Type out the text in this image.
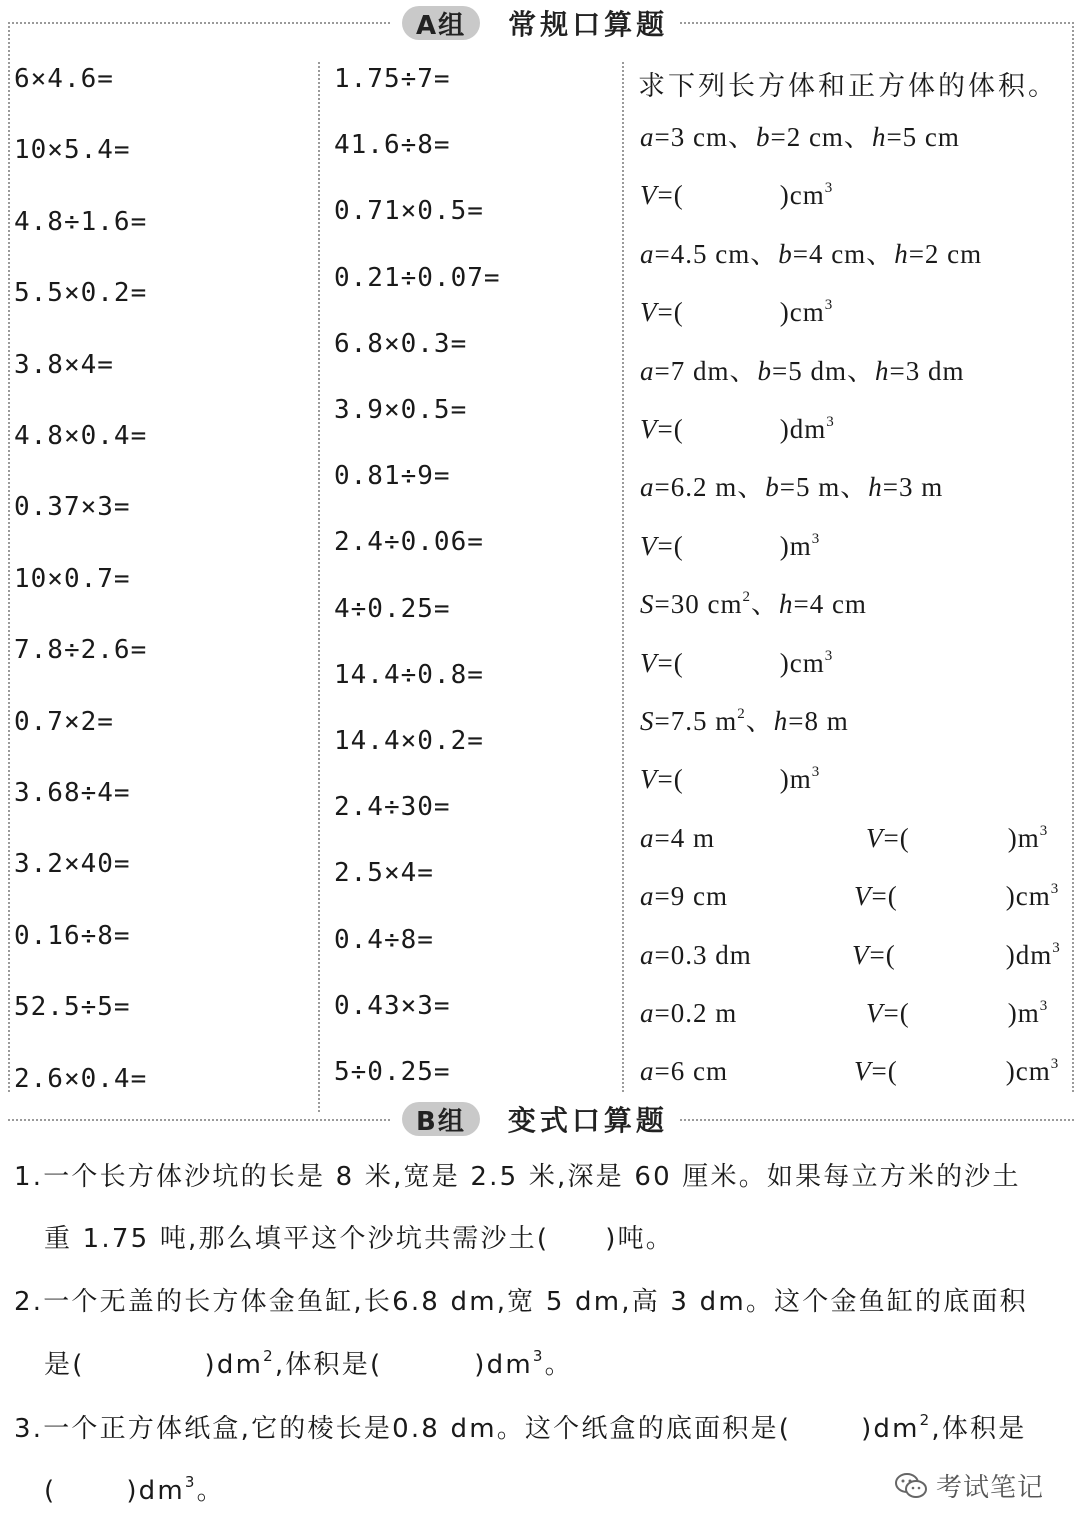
A组	常规口算题
6×4.6=
10×5.4=
4.8÷1.6=
5.5×0.2=
3.8×4=
4.8×0.4=
0.37×3=
10×0.7=
7.8÷2.6=
0.7×2=
3.68÷4=
3.2×40=
0.16÷8=
52.5÷5=
2.6×0.4=
1.75÷7=
41.6÷8=
0.71×0.5=
0.21÷0.07=
6.8×0.3=
3.9×0.5=
0.81÷9=
2.4÷0.06=
4÷0.25=
14.4÷0.8=
14.4×0.2=
2.4÷30=
2.5×4=
0.4÷8=
0.43×3=
5÷0.25=
求下列长方体和正方体的体积。
a=3 cm、b=2 cm、h=5 cm
V=(	)$cm^3$
a=4.5 cm、b=4 cm、h=2 cm
V=(	)$cm^3$
a=7 dm、b=5 dm、h=3 dm
V=(	)$dm^3$
a=6.2 m、b=5 m、h=3 m
V=(	)$m^3$
S=30 $cm^2$、h=4 cm
V=(	)$cm^3$
S=7.5 $m^2$、h=8 m
V=(	)$m^3$
a=4 m	V=(	)$m^3$
a=9 cm	V=(	)$cm^3$
a=0.3 dm	V=(	)$dm^3$
a=0.2 m	V=(	)$m^3$
a=6 cm	V=(	)$cm^3$
B组	变式口算题
1.一个长方体沙坑的长是 8 米,宽是 2.5 米,深是 60 厘米。如果每立方米的沙土
重 1.75 吨,那么填平这个沙坑共需沙土( )吨。
2.一个无盖的长方体金鱼缸,长6.8 dm,宽 5 dm,高 3 dm。这个金鱼缸的底面积
是(	)$dm^2$,体积是(	)$dm^3$。
3.一个正方体纸盒,它的棱长是0.8 dm。这个纸盒的底面积是(	)$dm^2$,体积是
(	)$dm^3$。	考试笔记
